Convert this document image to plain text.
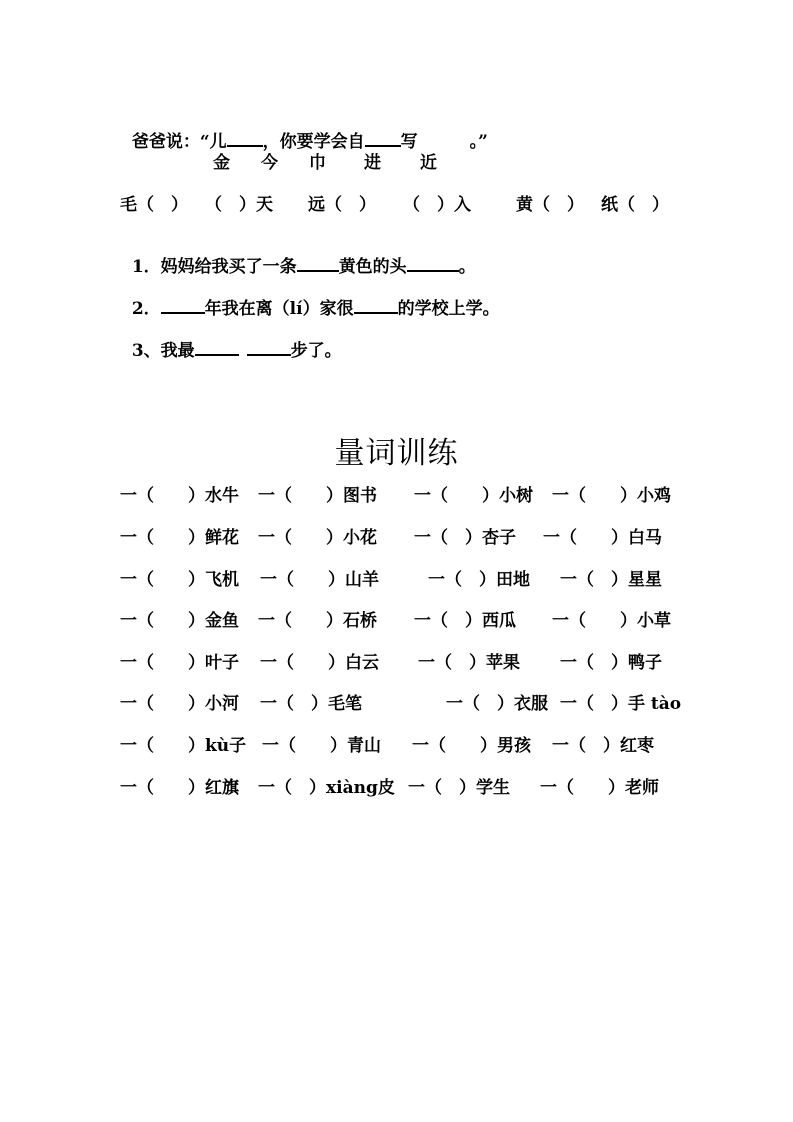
爸爸说：“儿 ，你要学会自 写	。”

金 今 巾 进 近
毛（　） （　）天 远（　） （　）入	黄（　） 纸（　）

1．妈妈给我买了一条 黄色的头	。

2．	年我在离（lí）家很	的学校上学。

3、我最	步了。

量词训练
一（　　）水牛 一（　　）图书 一（　　）小树 一（　　）小鸡
一（　　）鲜花 一（　　）小花 一（　）杏子 一（　　）白马
一（　　）飞机 一（　　）山羊	一（　）田地 一（　）星星
一（　　）金鱼 一（　　）石桥 一（　）西瓜 一（　　）小草
一（　　）叶子 一（　　）白云 一（　）苹果 一（　）鸭子
一（　　）小河 一（　）毛笔	一（　）衣服 一（　）手 tào
一（　　）kù子 一（　　）青山 一（　　）男孩 一（　）红枣
一（　　）红旗 一（　）xiàng皮 一（　）学生 一（　　）老师
